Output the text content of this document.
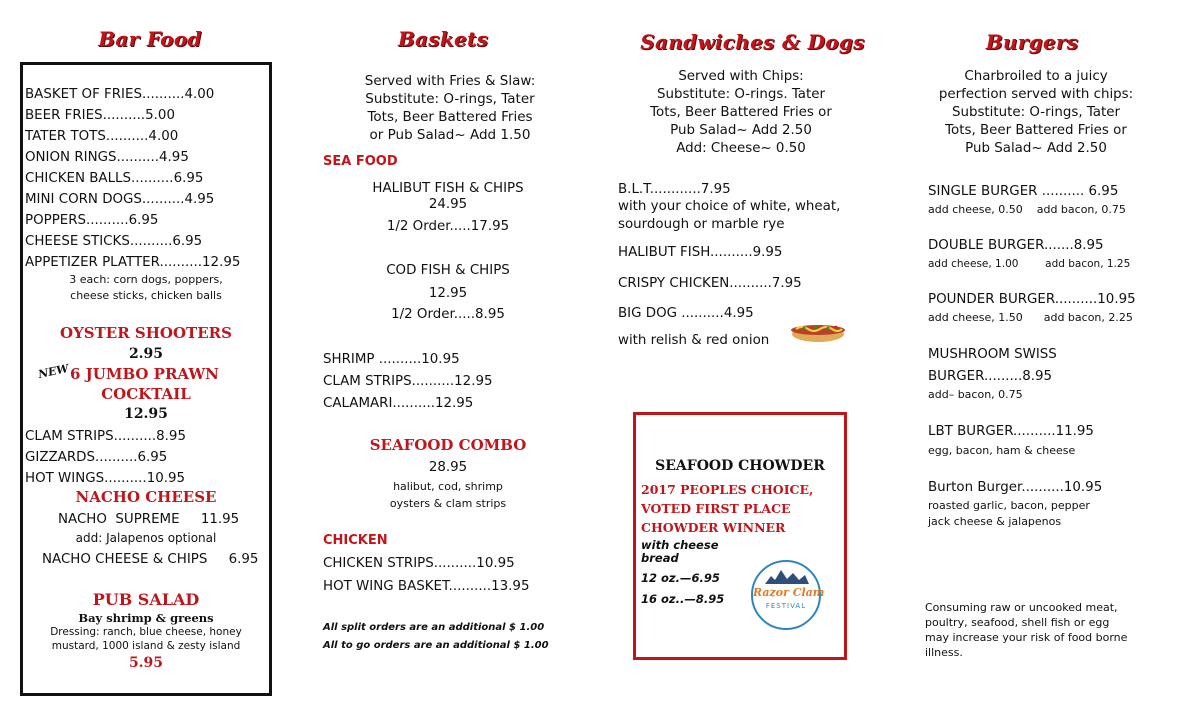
Bar Food
BASKET OF FRIES..........4.00
BEER FRIES..........5.00
TATER TOTS..........4.00
ONION RINGS..........4.95
CHICKEN BALLS..........6.95
MINI CORN DOGS..........4.95
POPPERS..........6.95
CHEESE STICKS..........6.95
APPETIZER PLATTER..........12.95
3 each: corn dogs, poppers,
cheese sticks, chicken balls
OYSTER SHOOTERS
2.95
NEW 6 JUMBO PRAWN
COCKTAIL
12.95
CLAM STRIPS..........8.95
GIZZARDS..........6.95
HOT WINGS..........10.95
NACHO CHEESE
NACHO  SUPREME     11.95
add: Jalapenos optional
NACHO CHEESE & CHIPS     6.95
PUB SALAD
Bay shrimp & greens
Dressing: ranch, blue cheese, honey
mustard, 1000 island & zesty island
5.95
Baskets
Served with Fries & Slaw:
Substitute: O-rings, Tater
Tots, Beer Battered Fries
or Pub Salad~ Add 1.50
SEA FOOD
HALIBUT FISH & CHIPS
24.95
1/2 Order.....17.95
COD FISH & CHIPS
12.95
1/2 Order.....8.95
SHRIMP ..........10.95
CLAM STRIPS..........12.95
CALAMARI..........12.95
SEAFOOD COMBO
28.95
halibut, cod, shrimp
oysters & clam strips
CHICKEN
CHICKEN STRIPS..........10.95
HOT WING BASKET..........13.95
All split orders are an additional $ 1.00
All to go orders are an additional $ 1.00
Sandwiches & Dogs
Served with Chips:
Substitute: O-rings. Tater
Tots, Beer Battered Fries or
Pub Salad~ Add 2.50
Add: Cheese~ 0.50
B.L.T............7.95
with your choice of white, wheat,
sourdough or marble rye
HALIBUT FISH..........9.95
CRISPY CHICKEN..........7.95
BIG DOG ..........4.95
with relish & red onion
SEAFOOD CHOWDER
2017 PEOPLES CHOICE,
VOTED FIRST PLACE
CHOWDER WINNER
with cheese
bread
12 oz.—6.95
16 oz..—8.95	Razor Clam
FESTIVAL
Burgers
Charbroiled to a juicy
perfection served with chips:
Substitute: O-rings, Tater
Tots, Beer Battered Fries or
Pub Salad~ Add 2.50
SINGLE BURGER .......... 6.95
add cheese, 0.50    add bacon, 0.75
DOUBLE BURGER.......8.95
add cheese, 1.00        add bacon, 1.25
POUNDER BURGER..........10.95
add cheese, 1.50      add bacon, 2.25
MUSHROOM SWISS
BURGER.........8.95
add– bacon, 0.75
LBT BURGER..........11.95
egg, bacon, ham & cheese
Burton Burger..........10.95
roasted garlic, bacon, pepper
jack cheese & jalapenos
Consuming raw or uncooked meat,
poultry, seafood, shell fish or egg
may increase your risk of food borne
illness.
